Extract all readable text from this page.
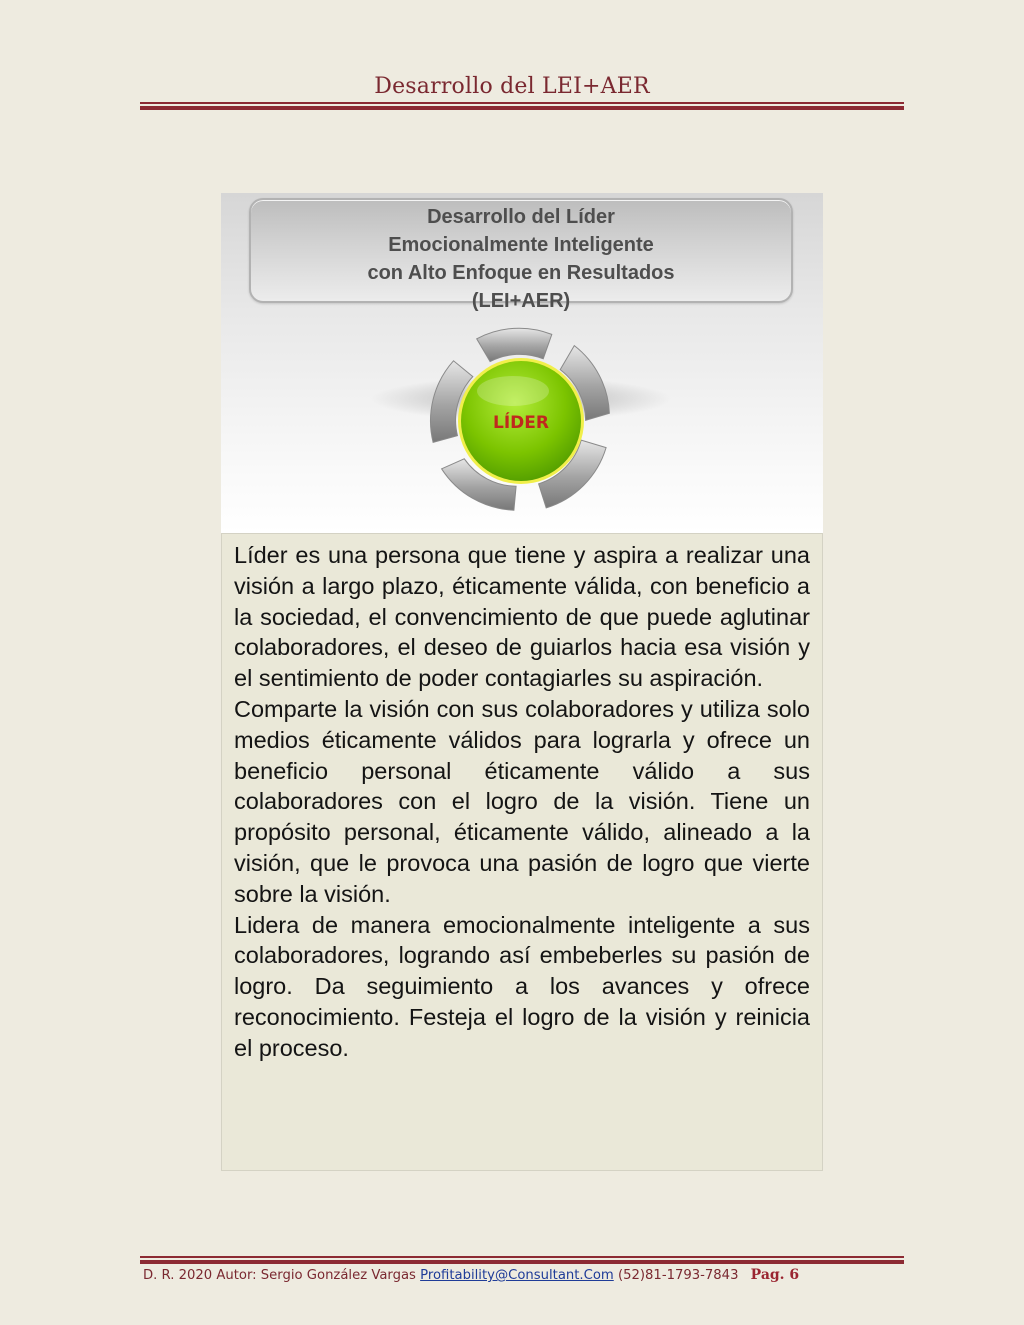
Desarrollo del LEI+AER
Desarrollo del Líder
Emocionalmente Inteligente
con Alto Enfoque en Resultados
(LEI+AER)
LÍDER

Líder es una persona que tiene y aspira a realizar una visión a largo plazo, éticamente válida, con beneficio a la sociedad, el convencimiento de que puede aglutinar colaboradores, el deseo de guiarlos hacia esa visión y el sentimiento de poder contagiarles su aspiración.

Comparte la visión con sus colaboradores y utiliza solo medios éticamente válidos para lograrla y ofrece un beneficio personal éticamente válido a sus colaboradores con el logro de la visión. Tiene un propósito personal, éticamente válido, alineado a la visión, que le provoca una pasión de logro que vierte sobre la visión.

Lidera de manera emocionalmente inteligente a sus colaboradores, logrando así embeberles su pasión de logro. Da seguimiento a los avances y ofrece reconocimiento. Festeja el logro de la visión y reinicia el proceso.

D. R. 2020 Autor: Sergio González Vargas Profitability@Consultant.Com (52)81-1793-7843 Pag. 6
